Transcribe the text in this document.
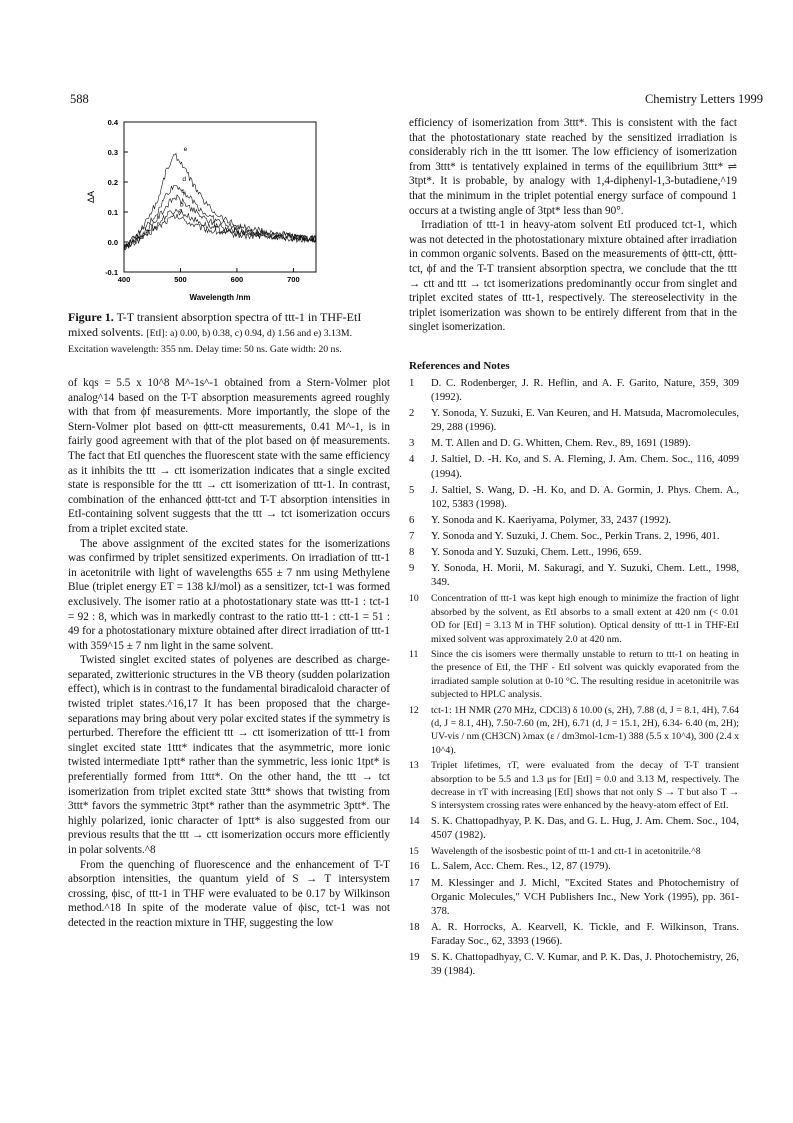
588	Chemistry Letters 1999
-0.1
0.0
0.1
0.2
0.3
0.4
400	500	600	700
Wavelength /nm
ΔA
a
b
c
d
e
Figure 1. T-T transient absorption spectra of ttt-1 in THF-EtI mixed solvents. [EtI]: a) 0.00, b) 0.38, c) 0.94, d) 1.56 and e) 3.13M.
Excitation wavelength: 355 nm. Delay time: 50 ns. Gate width: 20 ns.

of kqs = 5.5 x 10^8 M^-1s^-1 obtained from a Stern-Volmer plot analog^14 based on the T-T absorption measurements agreed roughly with that from ϕf measurements. More importantly, the slope of the Stern-Volmer plot based on ϕttt-ctt measurements, 0.41 M^-1, is in fairly good agreement with that of the plot based on ϕf measurements. The fact that EtI quenches the fluorescent state with the same efficiency as it inhibits the ttt → ctt isomerization indicates that a single excited state is responsible for the ttt → ctt isomerization of ttt-1. In contrast, combination of the enhanced ϕttt-tct and T-T absorption intensities in EtI-containing solvent suggests that the ttt → tct isomerization occurs from a triplet excited state.

The above assignment of the excited states for the isomerizations was confirmed by triplet sensitized experiments. On irradiation of ttt-1 in acetonitrile with light of wavelengths 655 ± 7 nm using Methylene Blue (triplet energy ET = 138 kJ/mol) as a sensitizer, tct-1 was formed exclusively. The isomer ratio at a photostationary state was ttt-1 : tct-1 = 92 : 8, which was in markedly contrast to the ratio ttt-1 : ctt-1 = 51 : 49 for a photostationary mixture obtained after direct irradiation of ttt-1 with 359^15 ± 7 nm light in the same solvent.

Twisted singlet excited states of polyenes are described as charge-separated, zwitterionic structures in the VB theory (sudden polarization effect), which is in contrast to the fundamental biradicaloid character of twisted triplet states.^16,17 It has been proposed that the charge-separations may bring about very polar excited states if the symmetry is perturbed. Therefore the efficient ttt → ctt isomerization of ttt-1 from singlet excited state 1ttt* indicates that the asymmetric, more ionic twisted intermediate 1ptt* rather than the symmetric, less ionic 1tpt* is preferentially formed from 1ttt*. On the other hand, the ttt → tct isomerization from triplet excited state 3ttt* shows that twisting from 3ttt* favors the symmetric 3tpt* rather than the asymmetric 3ptt*. The highly polarized, ionic character of 1ptt* is also suggested from our previous results that the ttt → ctt isomerization occurs more efficiently in polar solvents.^8

From the quenching of fluorescence and the enhancement of T-T absorption intensities, the quantum yield of S → T intersystem crossing, ϕisc, of ttt-1 in THF were evaluated to be 0.17 by Wilkinson method.^18 In spite of the moderate value of ϕisc, tct-1 was not detected in the reaction mixture in THF, suggesting the low

efficiency of isomerization from 3ttt*. This is consistent with the fact that the photostationary state reached by the sensitized irradiation is considerably rich in the ttt isomer. The low efficiency of isomerization from 3ttt* is tentatively explained in terms of the equilibrium 3ttt* ⇌ 3tpt*. It is probable, by analogy with 1,4-diphenyl-1,3-butadiene,^19 that the minimum in the triplet potential energy surface of compound 1 occurs at a twisting angle of 3tpt* less than 90°.

Irradiation of ttt-1 in heavy-atom solvent EtI produced tct-1, which was not detected in the photostationary mixture obtained after irradiation in common organic solvents. Based on the measurements of ϕttt-ctt, ϕttt-tct, ϕf and the T-T transient absorption spectra, we conclude that the ttt → ctt and ttt → tct isomerizations predominantly occur from singlet and triplet excited states of ttt-1, respectively. The stereoselectivity in the triplet isomerization was shown to be entirely different from that in the singlet isomerization.

References and Notes
1 D. C. Rodenberger, J. R. Heflin, and A. F. Garito, Nature, 359, 309 (1992).
2 Y. Sonoda, Y. Suzuki, E. Van Keuren, and H. Matsuda, Macromolecules, 29, 288 (1996).
3 M. T. Allen and D. G. Whitten, Chem. Rev., 89, 1691 (1989).
4 J. Saltiel, D. -H. Ko, and S. A. Fleming, J. Am. Chem. Soc., 116, 4099 (1994).
5 J. Saltiel, S. Wang, D. -H. Ko, and D. A. Gormin, J. Phys. Chem. A., 102, 5383 (1998).
6 Y. Sonoda and K. Kaeriyama, Polymer, 33, 2437 (1992).
7 Y. Sonoda and Y. Suzuki, J. Chem. Soc., Perkin Trans. 2, 1996, 401.
8 Y. Sonoda and Y. Suzuki, Chem. Lett., 1996, 659.
9 Y. Sonoda, H. Morii, M. Sakuragi, and Y. Suzuki, Chem. Lett., 1998, 349.
10 Concentration of ttt-1 was kept high enough to minimize the fraction of light absorbed by the solvent, as EtI absorbs to a small extent at 420 nm (< 0.01 OD for [EtI] = 3.13 M in THF solution). Optical density of ttt-1 in THF-EtI mixed solvent was approximately 2.0 at 420 nm.
11 Since the cis isomers were thermally unstable to return to ttt-1 on heating in the presence of EtI, the THF - EtI solvent was quickly evaporated from the irradiated sample solution at 0-10 °C. The resulting residue in acetonitrile was subjected to HPLC analysis.
12 tct-1: 1H NMR (270 MHz, CDCl3) δ 10.00 (s, 2H), 7.88 (d, J = 8.1, 4H), 7.64 (d, J = 8.1, 4H), 7.50-7.60 (m, 2H), 6.71 (d, J = 15.1, 2H), 6.34- 6.40 (m, 2H); UV-vis / nm (CH3CN) λmax (ε / dm3mol-1cm-1) 388 (5.5 x 10^4), 300 (2.4 x 10^4).
13 Triplet lifetimes, τT, were evaluated from the decay of T-T transient absorption to be 5.5 and 1.3 μs for [EtI] = 0.0 and 3.13 M, respectively. The decrease in τT with increasing [EtI] shows that not only S → T but also T → S intersystem crossing rates were enhanced by the heavy-atom effect of EtI.
14 S. K. Chattopadhyay, P. K. Das, and G. L. Hug, J. Am. Chem. Soc., 104, 4507 (1982).
15 Wavelength of the isosbestic point of ttt-1 and ctt-1 in acetonitrile.^8
16 L. Salem, Acc. Chem. Res., 12, 87 (1979).
17 M. Klessinger and J. Michl, "Excited States and Photochemistry of Organic Molecules," VCH Publishers Inc., New York (1995), pp. 361-378.
18 A. R. Horrocks, A. Kearvell, K. Tickle, and F. Wilkinson, Trans. Faraday Soc., 62, 3393 (1966).
19 S. K. Chattopadhyay, C. V. Kumar, and P. K. Das, J. Photochemistry, 26, 39 (1984).
